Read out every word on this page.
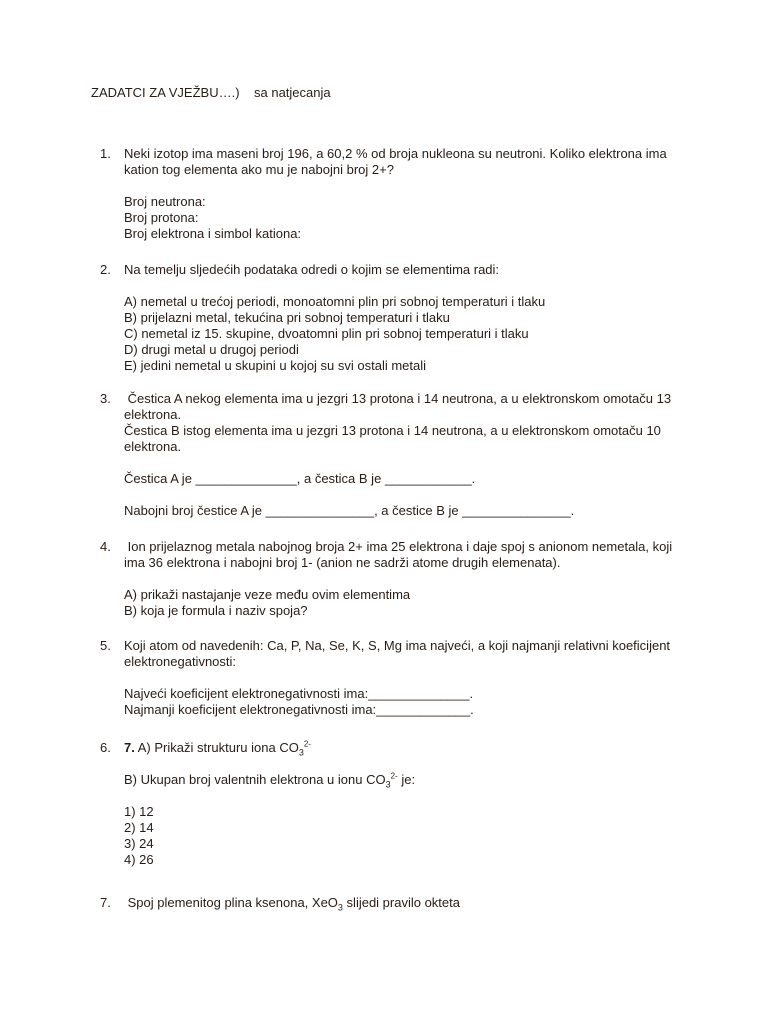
ZADATCI ZA VJEŽBU….)    sa natjecanja
1. Neki izotop ima maseni broj 196, a 60,2 % od broja nukleona su neutroni. Koliko elektrona ima
kation tog elementa ako mu je nabojni broj 2+?
Broj neutrona:
Broj protona:
Broj elektrona i simbol kationa:
2. Na temelju sljedećih podataka odredi o kojim se elementima radi:
A) nemetal u trećoj periodi, monoatomni plin pri sobnoj temperaturi i tlaku
B) prijelazni metal, tekućina pri sobnoj temperaturi i tlaku
C) nemetal iz 15. skupine, dvoatomni plin pri sobnoj temperaturi i tlaku
D) drugi metal u drugoj periodi
E) jedini nemetal u skupini u kojoj su svi ostali metali
3. Čestica A nekog elementa ima u jezgri 13 protona i 14 neutrona, a u elektronskom omotaču 13
elektrona.
Čestica B istog elementa ima u jezgri 13 protona i 14 neutrona, a u elektronskom omotaču 10
elektrona.
Čestica A je ______________, a čestica B je ____________.
Nabojni broj čestice A je _______________, a čestice B je _______________.
4. Ion prijelaznog metala nabojnog broja 2+ ima 25 elektrona i daje spoj s anionom nemetala, koji
ima 36 elektrona i nabojni broj 1- (anion ne sadrži atome drugih elemenata).
A) prikaži nastajanje veze među ovim elementima
B) koja je formula i naziv spoja?
5. Koji atom od navedenih: Ca, P, Na, Se, K, S, Mg ima najveći, a koji najmanji relativni koeficijent
elektronegativnosti:
Najveći koeficijent elektronegativnosti ima:______________.
Najmanji koeficijent elektronegativnosti ima:_____________.
6. 7. A) Prikaži strukturu iona $CO_3^{2-}$
B) Ukupan broj valentnih elektrona u ionu $CO_3^{2-}$ je:
1) 12
2) 14
3) 24
4) 26
7. Spoj plemenitog plina ksenona, XeO$_3$ slijedi pravilo okteta
